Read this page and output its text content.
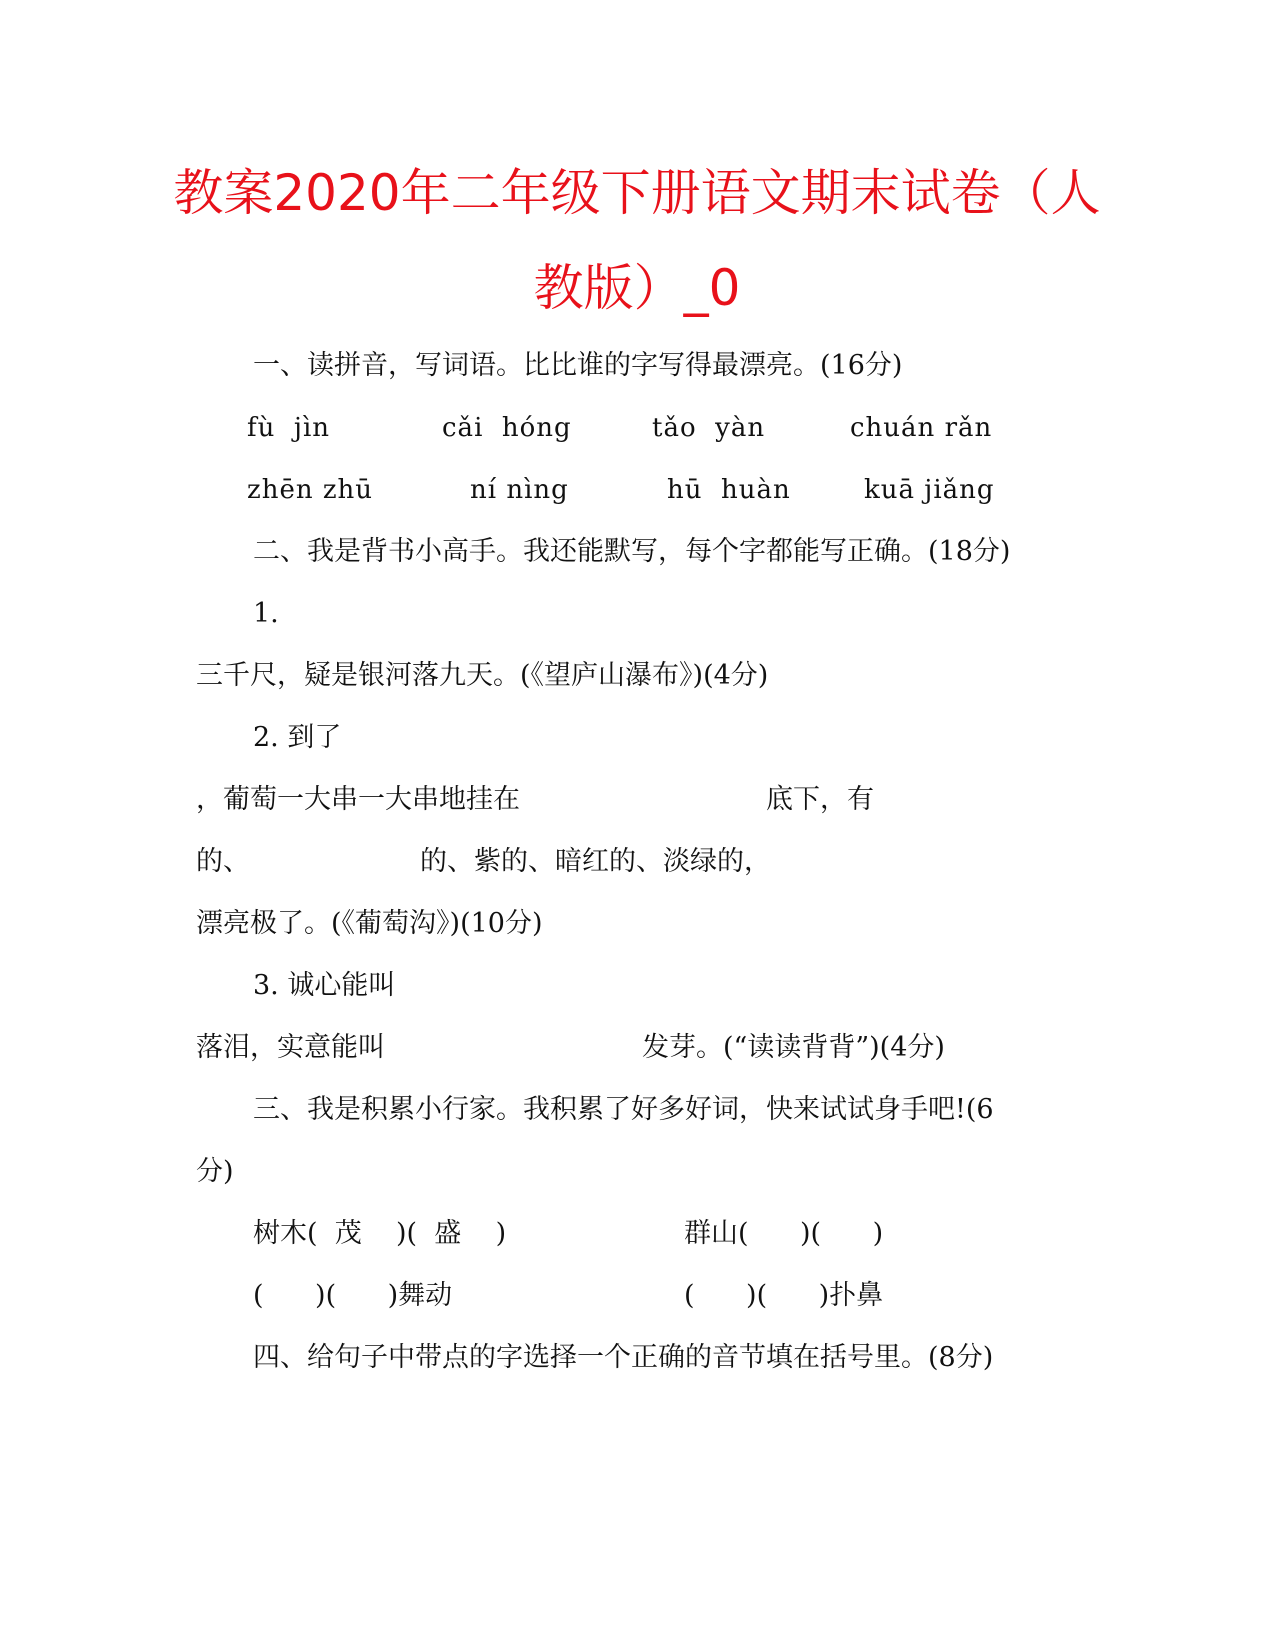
教案2020年二年级下册语文期末试卷（人
教版）_0
一、读拼音，写词语。比比谁的字写得最漂亮。(16分)
fù  jìn	cǎi  hóng	tǎo  yàn	chuán rǎn
zhēn zhū	ní nìng	hū  huàn	kuā jiǎng
二、我是背书小高手。我还能默写，每个字都能写正确。(18分)
1.
三千尺，疑是银河落九天。(《望庐山瀑布》)(4分)
2. 到了
，葡萄一大串一大串地挂在	底下，有
的、	的、紫的、暗红的、淡绿的，
漂亮极了。(《葡萄沟》)(10分)
3. 诚心能叫
落泪，实意能叫	发芽。(“读读背背”)(4分)
三、我是积累小行家。我积累了好多好词，快来试试身手吧!(6
分)
树木(  茂    )(  盛    )	群山(      )(      )
(      )(      )舞动	(      )(      )扑鼻
四、给句子中带点的字选择一个正确的音节填在括号里。(8分)
